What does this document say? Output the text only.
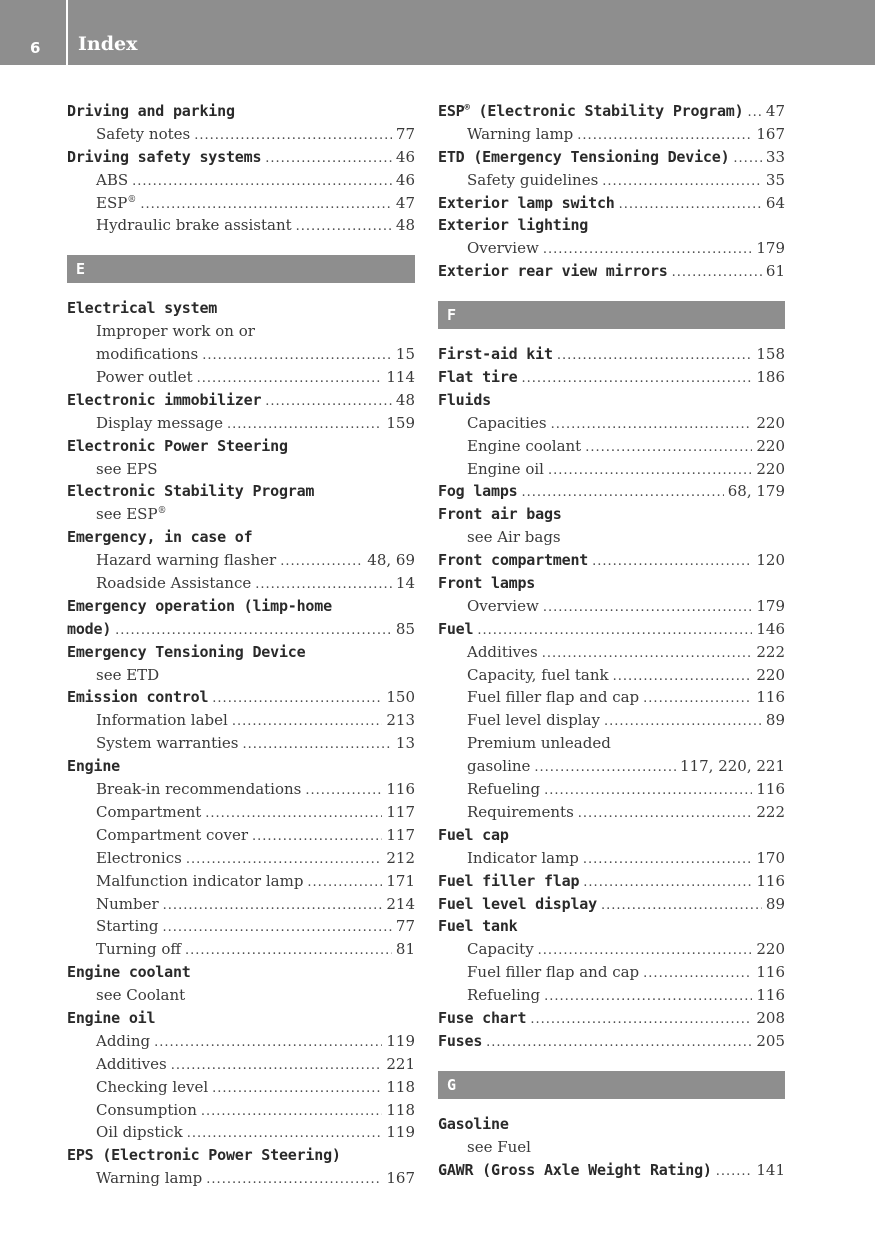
6	Index
Driving and parking
Safety notes .....	77
Driving safety systems .....	46
ABS .....	46
ESP® .....	47
Hydraulic brake assistant .....	48
E
Electrical system
Improper work on or
modifications .....	15
Power outlet .....	114
Electronic immobilizer .....	48
Display message .....	159
Electronic Power Steering
see EPS
Electronic Stability Program
see ESP®
Emergency, in case of
Hazard warning flasher .....	48, 69
Roadside Assistance .....	14
Emergency operation (limp-home
mode) .....	85
Emergency Tensioning Device
see ETD
Emission control .....	150
Information label .....	213
System warranties .....	13
Engine
Break-in recommendations .....	116
Compartment .....	117
Compartment cover .....	117
Electronics .....	212
Malfunction indicator lamp .....	171
Number .....	214
Starting .....	77
Turning off .....	81
Engine coolant
see Coolant
Engine oil
Adding .....	119
Additives .....	221
Checking level .....	118
Consumption .....	118
Oil dipstick .....	119
EPS (Electronic Power Steering)
Warning lamp .....	167
ESP® (Electronic Stability Program) ..... 47
Warning lamp .....	167
ETD (Emergency Tensioning Device) ..... 33
Safety guidelines .....	35
Exterior lamp switch .....	64
Exterior lighting
Overview .....	179
Exterior rear view mirrors .....	61
F
First-aid kit .....	158
Flat tire .....	186
Fluids
Capacities .....	220
Engine coolant .....	220
Engine oil .....	220
Fog lamps .....	68, 179
Front air bags
see Air bags
Front compartment .....	120
Front lamps
Overview .....	179
Fuel .....	146
Additives .....	222
Capacity, fuel tank .....	220
Fuel filler flap and cap .....	116
Fuel level display .....	89
Premium unleaded
gasoline .....	117, 220, 221
Refueling .....	116
Requirements .....	222
Fuel cap
Indicator lamp .....	170
Fuel filler flap .....	116
Fuel level display .....	89
Fuel tank
Capacity .....	220
Fuel filler flap and cap .....	116
Refueling .....	116
Fuse chart .....	208
Fuses .....	205
G
Gasoline
see Fuel
GAWR (Gross Axle Weight Rating) .....	141
